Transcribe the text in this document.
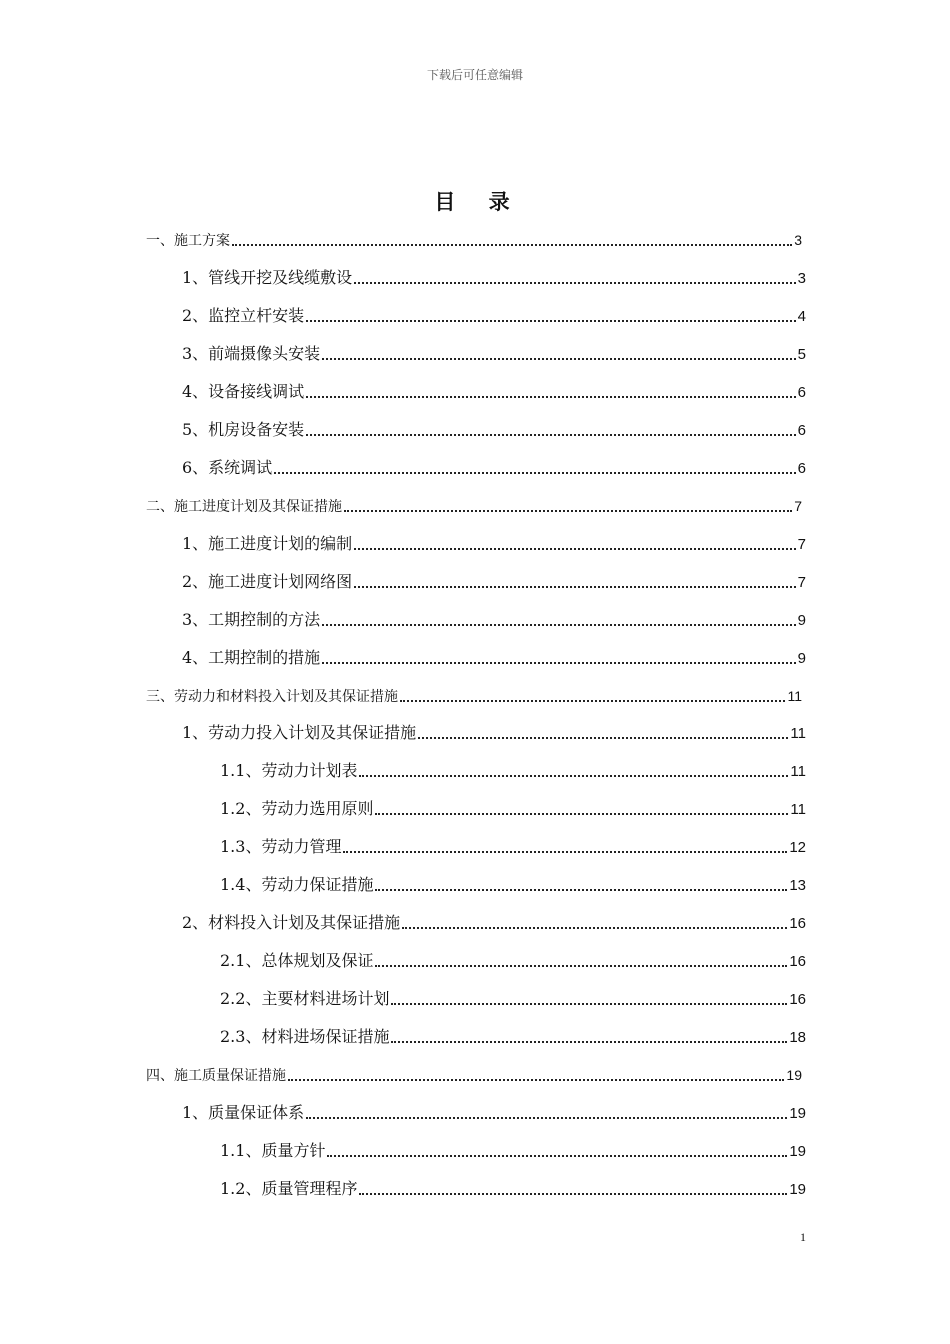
下载后可任意编辑
目 录
一、施工方案	3
1、管线开挖及线缆敷设	3
2、监控立杆安装	4
3、前端摄像头安装	5
4、设备接线调试	6
5、机房设备安装	6
6、系统调试	6
二、施工进度计划及其保证措施	7
1、施工进度计划的编制	7
2、施工进度计划网络图	7
3、工期控制的方法	9
4、工期控制的措施	9
三、劳动力和材料投入计划及其保证措施	11
1、劳动力投入计划及其保证措施	11
1.1、劳动力计划表	11
1.2、劳动力选用原则	11
1.3、劳动力管理	12
1.4、劳动力保证措施	13
2、材料投入计划及其保证措施	16
2.1、总体规划及保证	16
2.2、主要材料进场计划	16
2.3、材料进场保证措施	18
四、施工质量保证措施	19
1、质量保证体系	19
1.1、质量方针	19
1.2、质量管理程序	19
1
